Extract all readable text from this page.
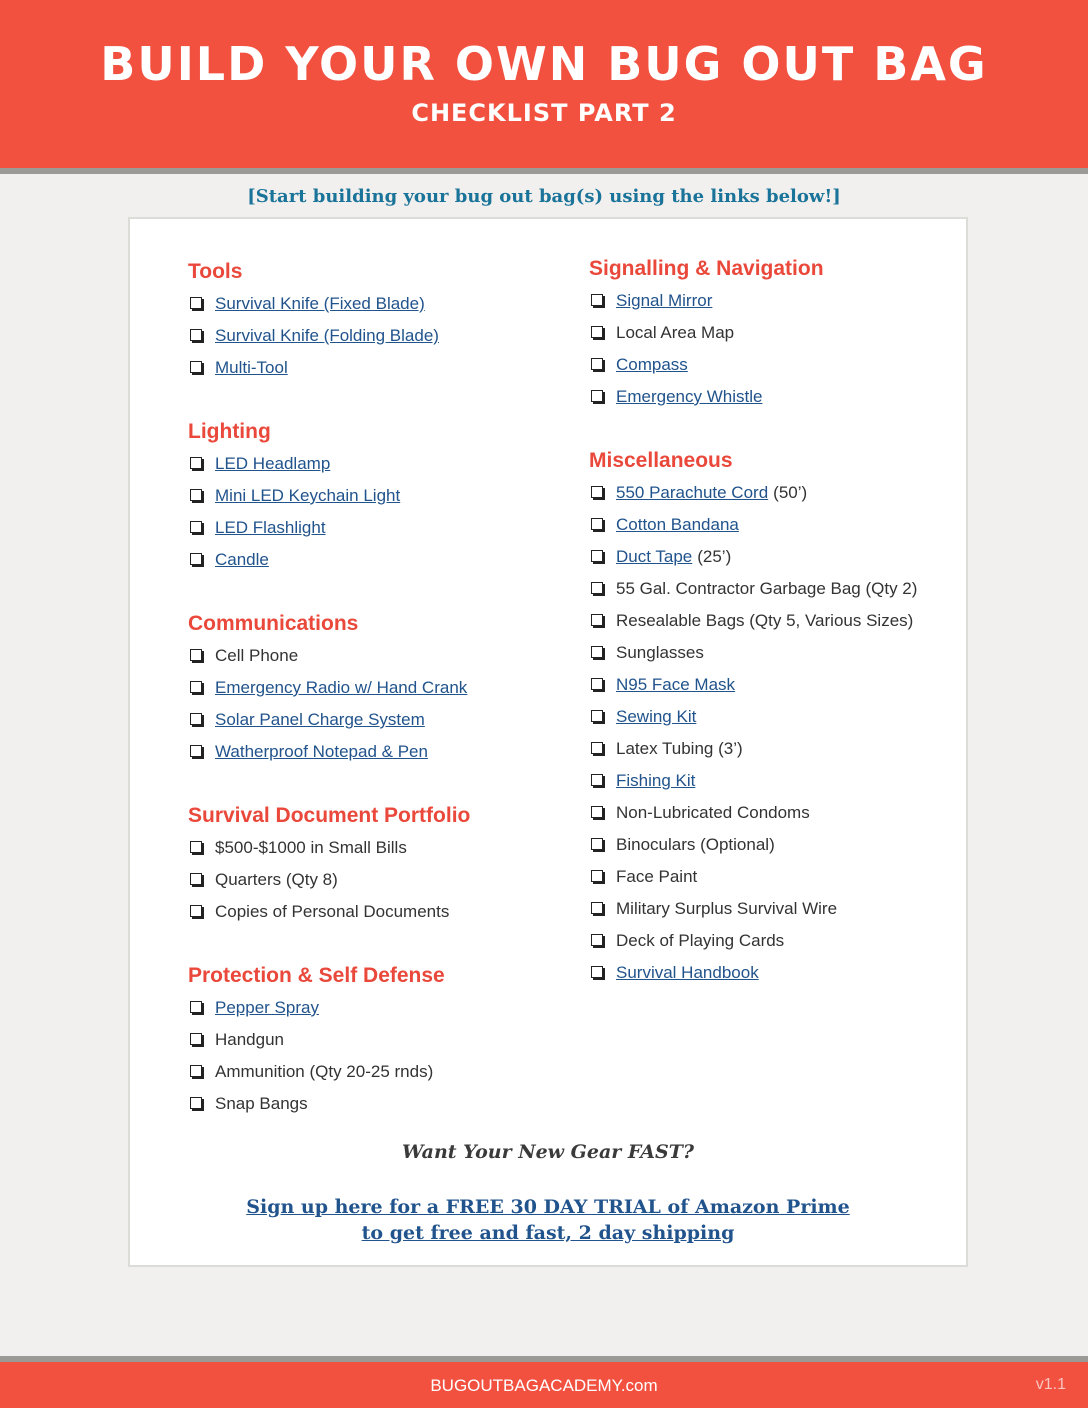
BUILD YOUR OWN BUG OUT BAG
CHECKLIST PART 2
[Start building your bug out bag(s) using the links below!]
Tools
Survival Knife (Fixed Blade)
Survival Knife (Folding Blade)
Multi-Tool
Lighting
LED Headlamp
Mini LED Keychain Light
LED Flashlight
Candle
Communications
Cell Phone
Emergency Radio w/ Hand Crank
Solar Panel Charge System
Watherproof Notepad & Pen
Survival Document Portfolio
$500-$1000 in Small Bills
Quarters (Qty 8)
Copies of Personal Documents
Protection & Self Defense
Pepper Spray
Handgun
Ammunition (Qty 20-25 rnds)
Snap Bangs
Signalling & Navigation
Signal Mirror
Local Area Map
Compass
Emergency Whistle
Miscellaneous
550 Parachute Cord (50’)
Cotton Bandana
Duct Tape (25’)
55 Gal. Contractor Garbage Bag (Qty 2)
Resealable Bags (Qty 5, Various Sizes)
Sunglasses
N95 Face Mask
Sewing Kit
Latex Tubing (3’)
Fishing Kit
Non-Lubricated Condoms
Binoculars (Optional)
Face Paint
Military Surplus Survival Wire
Deck of Playing Cards
Survival Handbook
Want Your New Gear FAST?
Sign up here for a FREE 30 DAY TRIAL of Amazon Prime
to get free and fast, 2 day shipping
BUGOUTBAGACADEMY.com	v1.1
